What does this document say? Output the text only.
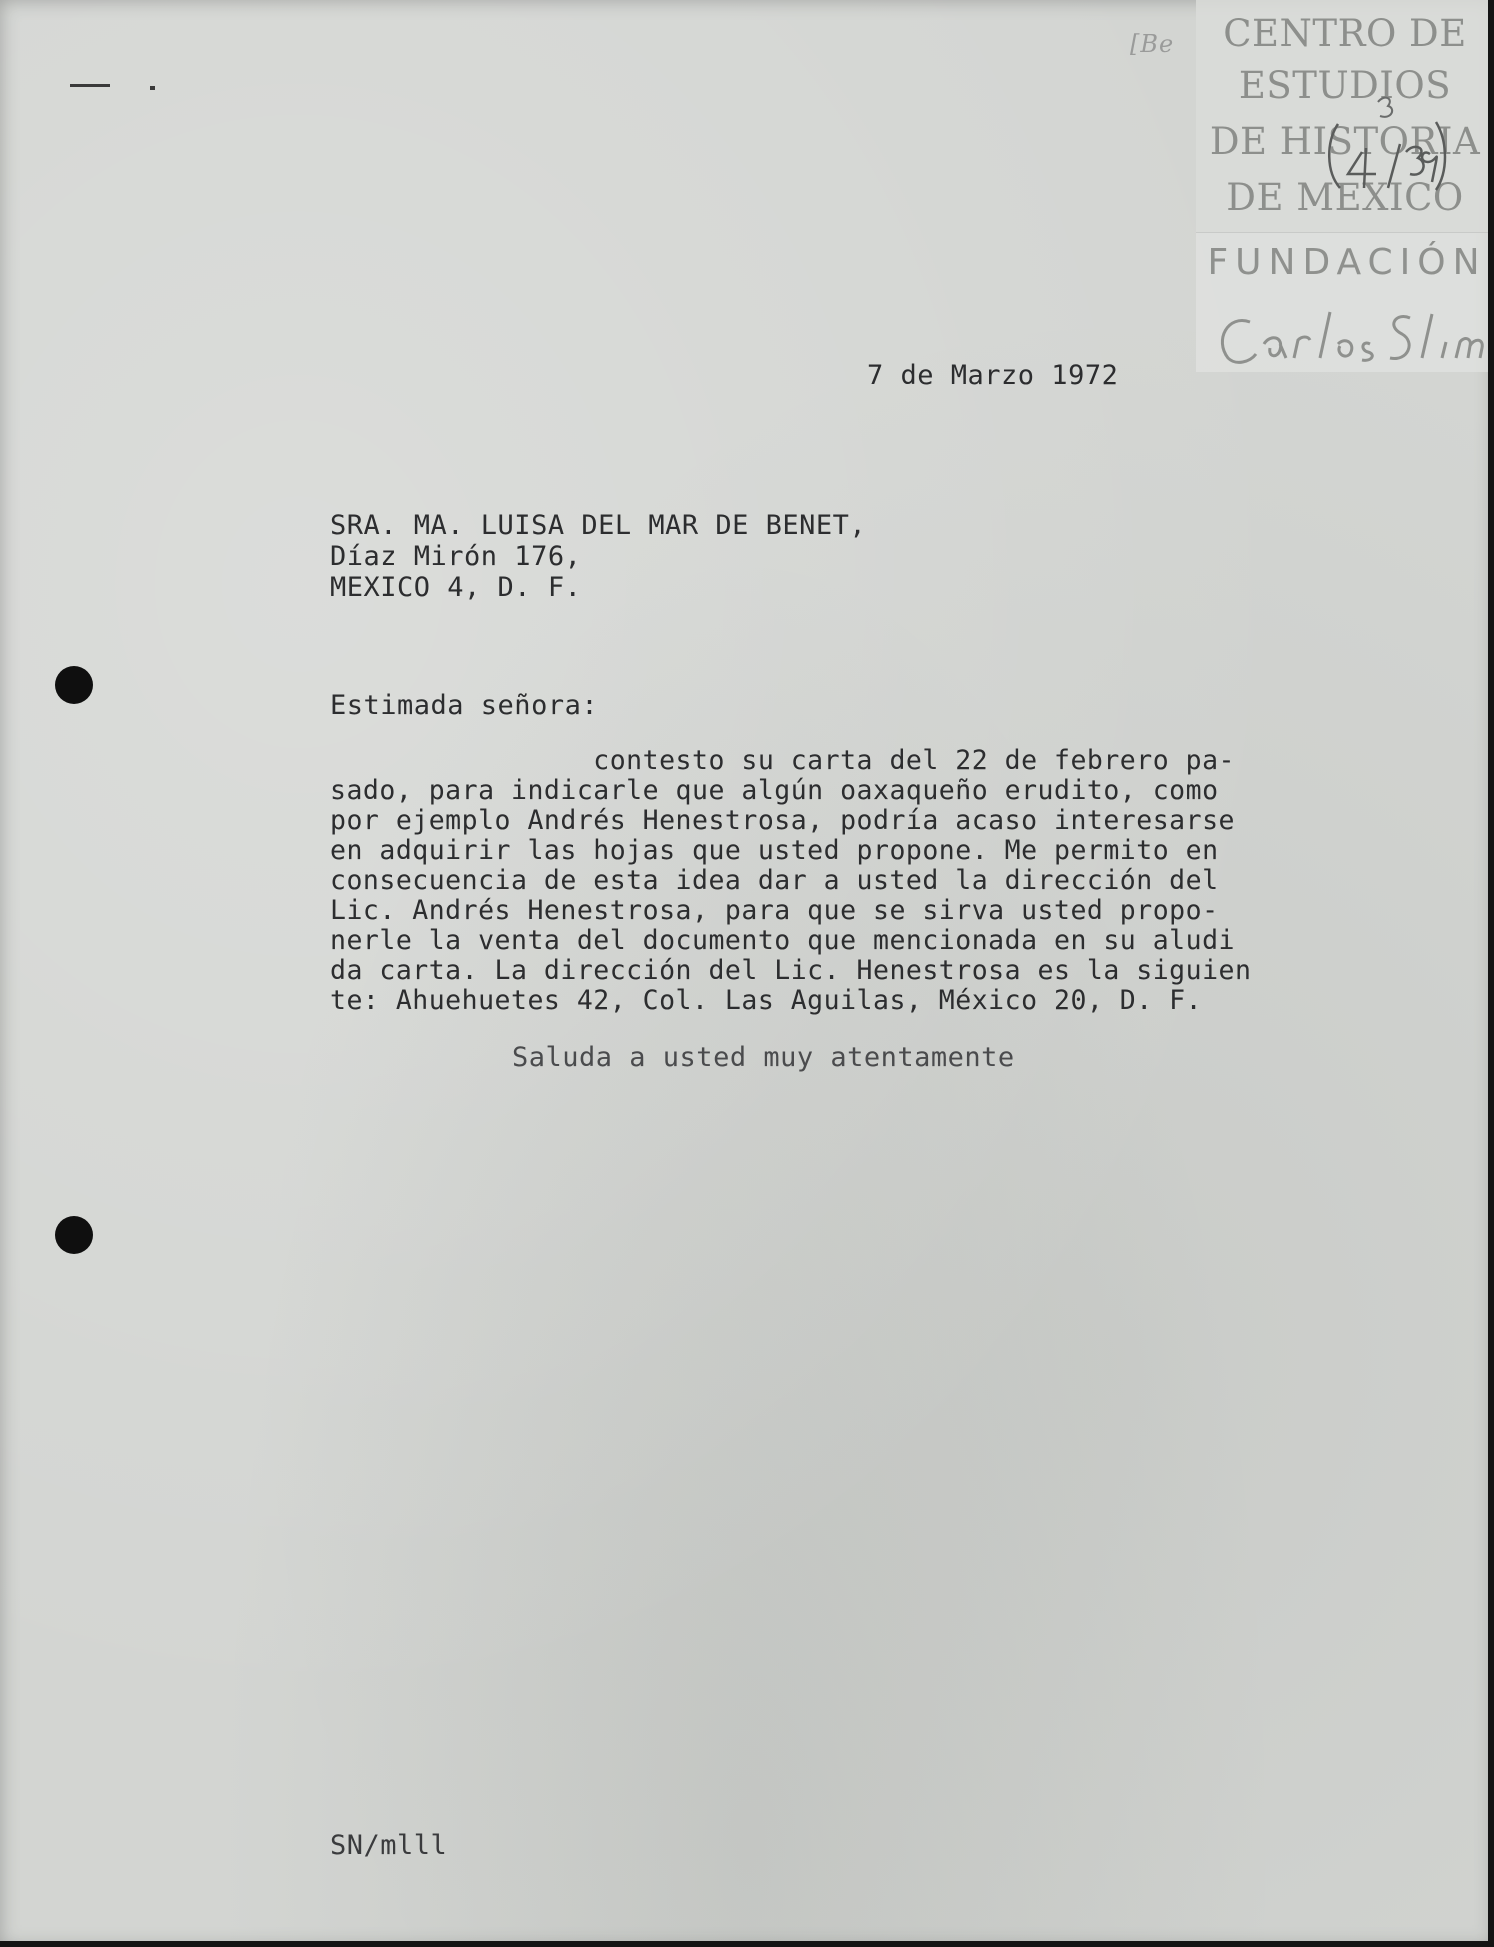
CENTRO DE
ESTUDIOS
DE HISTORIA
DE MEXICO
FUNDACIÓN
[Be
7 de Marzo 1972
SRA. MA. LUISA DEL MAR DE BENET,
Díaz Mirón 176,
MEXICO 4, D. F.
Estimada señora:
contesto su carta del 22 de febrero pa-
sado, para indicarle que algún oaxaqueño erudito, como
por ejemplo Andrés Henestrosa, podría acaso interesarse
en adquirir las hojas que usted propone. Me permito en
consecuencia de esta idea dar a usted la dirección del
Lic. Andrés Henestrosa, para que se sirva usted propo-
nerle la venta del documento que mencionada en su aludi
da carta. La dirección del Lic. Henestrosa es la siguien
te: Ahuehuetes 42, Col. Las Aguilas, México 20, D. F.
Saluda a usted muy atentamente
SN/mlll
